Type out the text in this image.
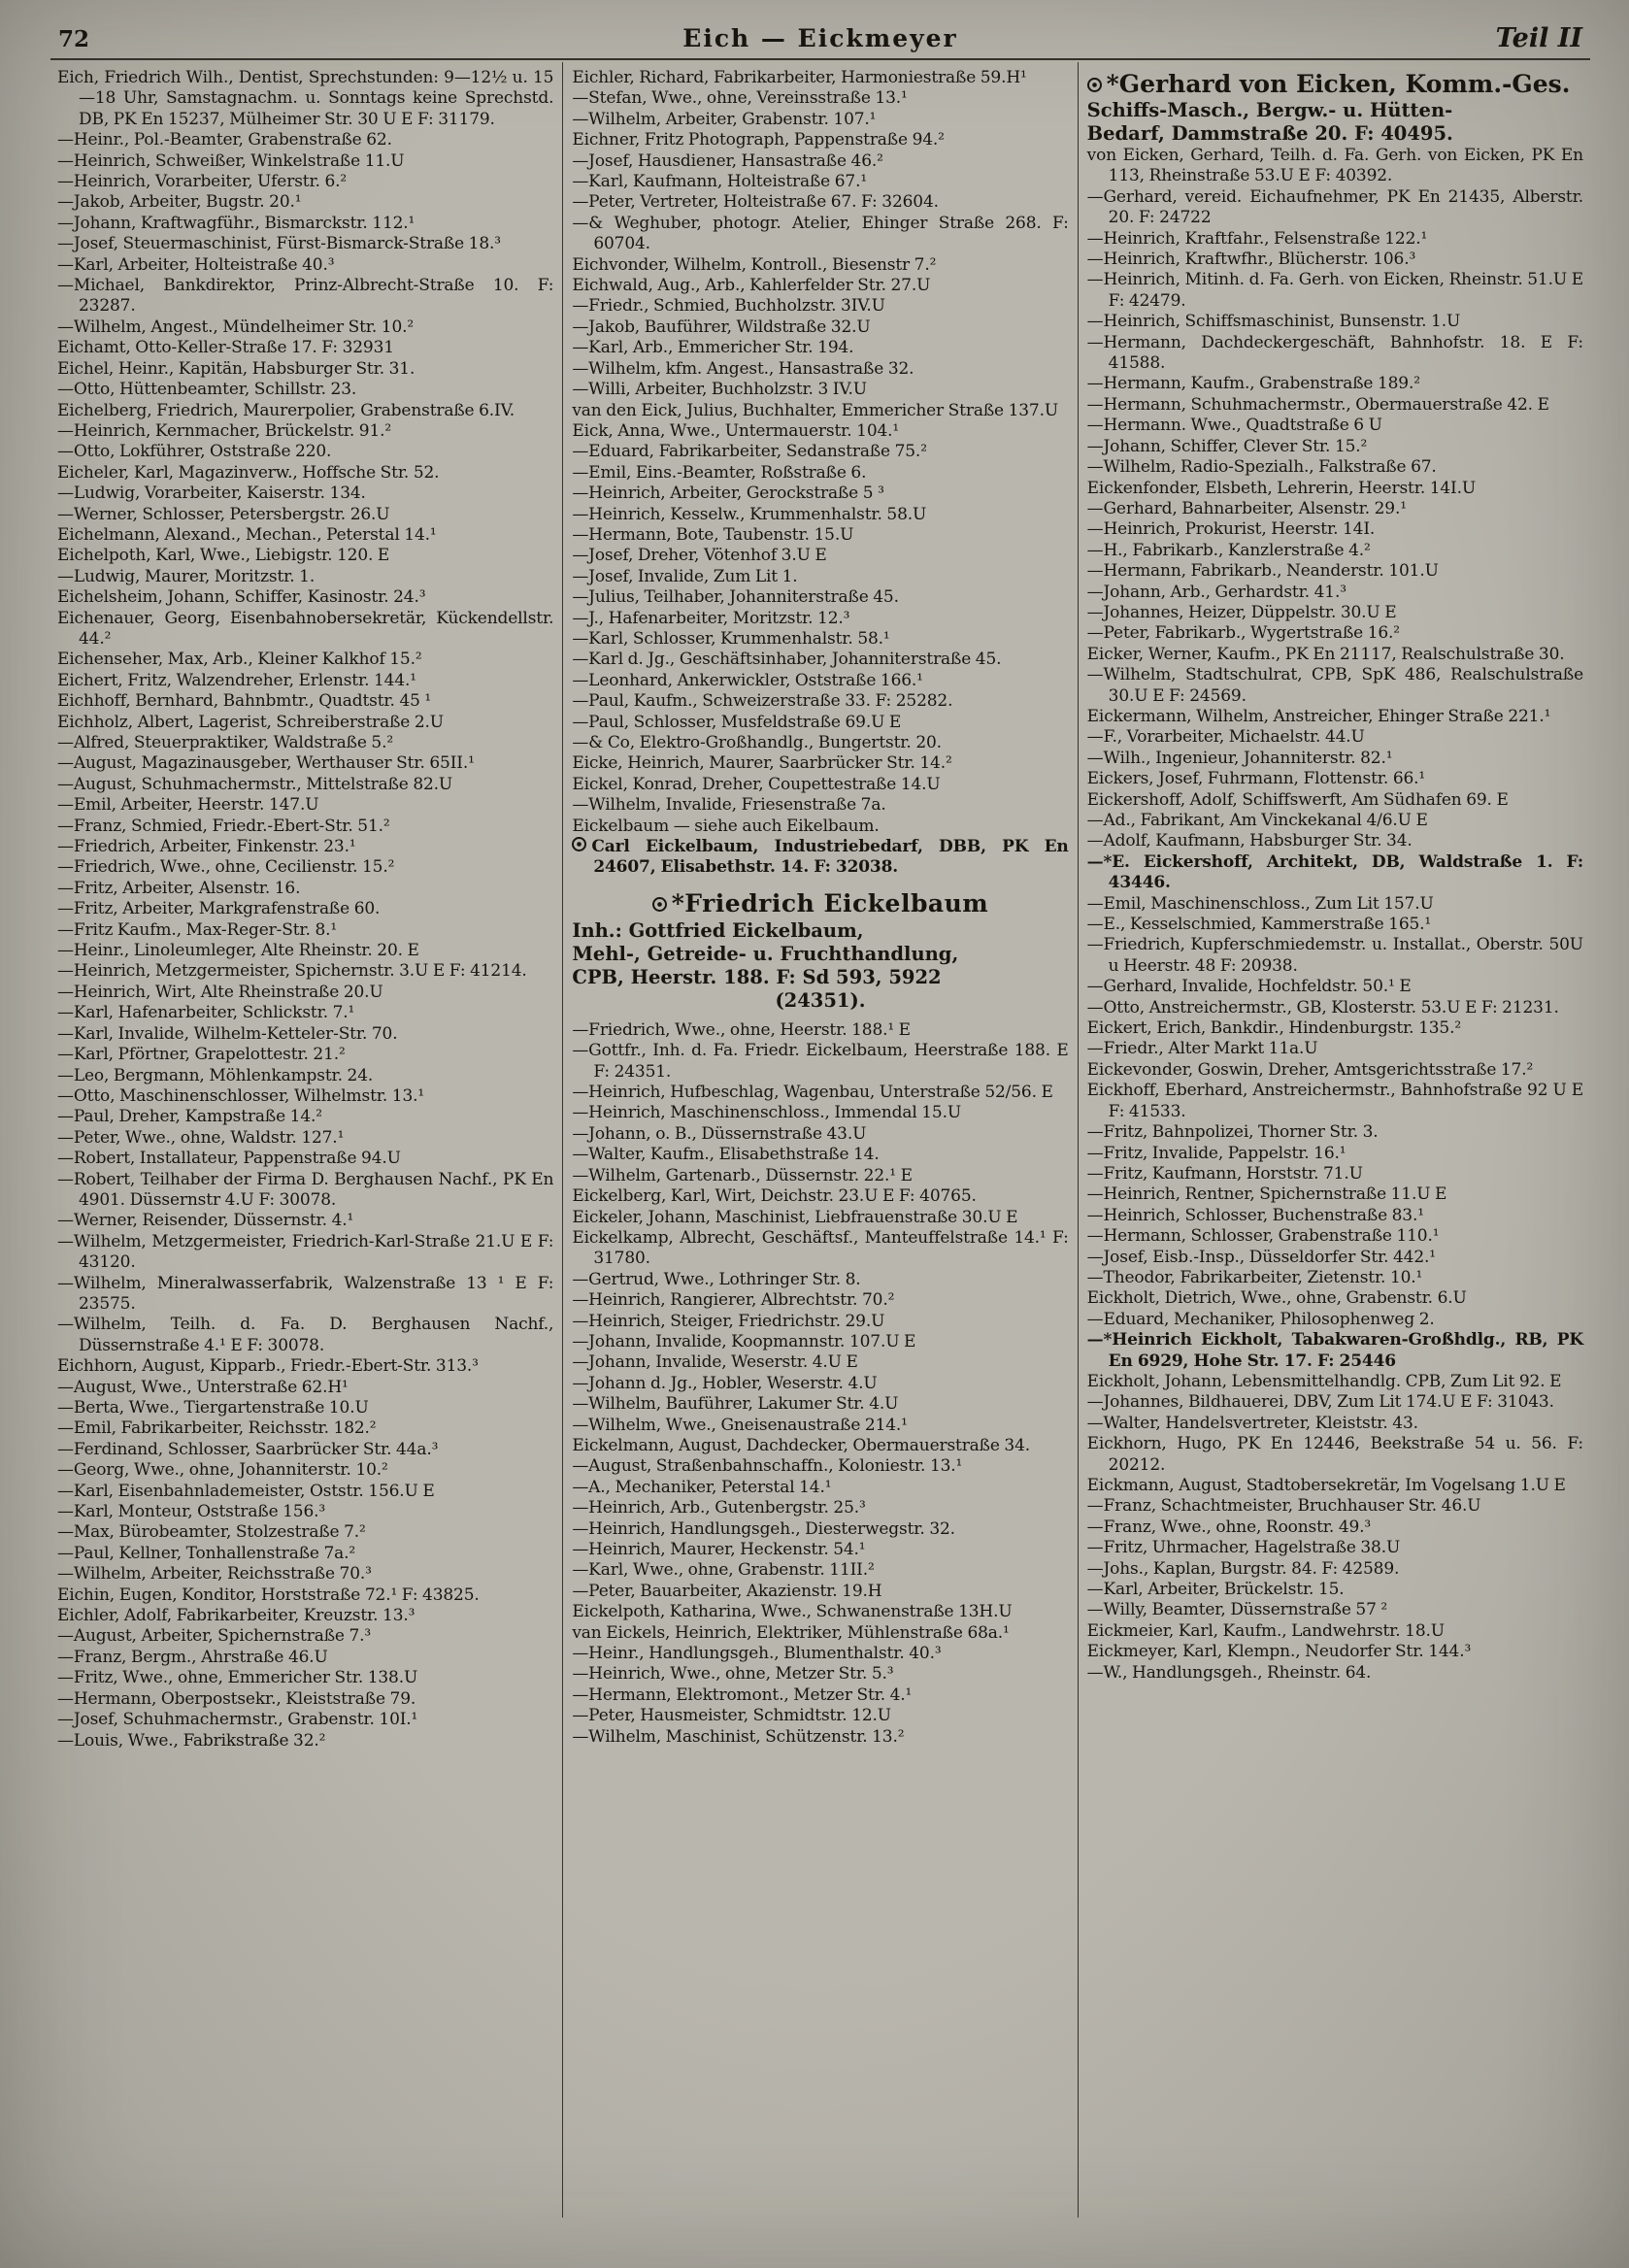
72	Eich — Eickmeyer	Teil II
Eich, Friedrich Wilh., Dentist, Sprechstunden: 9—12½ u. 15—18 Uhr, Samstagnachm. u. Sonntags keine Sprechstd. DB, PK En 15237, Mülheimer Str. 30 U E F: 31179.
—Heinr., Pol.-Beamter, Grabenstraße 62.
—Heinrich, Schweißer, Winkelstraße 11.U
—Heinrich, Vorarbeiter, Uferstr. 6.²
—Jakob, Arbeiter, Bugstr. 20.¹
—Johann, Kraftwagführ., Bismarckstr. 112.¹
—Josef, Steuermaschinist, Fürst-Bismarck-Straße 18.³
—Karl, Arbeiter, Holteistraße 40.³
—Michael, Bankdirektor, Prinz-Albrecht-Straße 10. F: 23287.
—Wilhelm, Angest., Mündelheimer Str. 10.²
Eichamt, Otto-Keller-Straße 17. F: 32931
Eichel, Heinr., Kapitän, Habsburger Str. 31.
—Otto, Hüttenbeamter, Schillstr. 23.
Eichelberg, Friedrich, Maurerpolier, Grabenstraße 6.IV.
—Heinrich, Kernmacher, Brückelstr. 91.²
—Otto, Lokführer, Oststraße 220.
Eicheler, Karl, Magazinverw., Hoffsche Str. 52.
—Ludwig, Vorarbeiter, Kaiserstr. 134.
—Werner, Schlosser, Petersbergstr. 26.U
Eichelmann, Alexand., Mechan., Peterstal 14.¹
Eichelpoth, Karl, Wwe., Liebigstr. 120. E
—Ludwig, Maurer, Moritzstr. 1.
Eichelsheim, Johann, Schiffer, Kasinostr. 24.³
Eichenauer, Georg, Eisenbahnobersekretär, Kückendellstr. 44.²
Eichenseher, Max, Arb., Kleiner Kalkhof 15.²
Eichert, Fritz, Walzendreher, Erlenstr. 144.¹
Eichhoff, Bernhard, Bahnbmtr., Quadtstr. 45 ¹
Eichholz, Albert, Lagerist, Schreiberstraße 2.U
—Alfred, Steuerpraktiker, Waldstraße 5.²
—August, Magazinausgeber, Werthauser Str. 65II.¹
—August, Schuhmachermstr., Mittelstraße 82.U
—Emil, Arbeiter, Heerstr. 147.U
—Franz, Schmied, Friedr.-Ebert-Str. 51.²
—Friedrich, Arbeiter, Finkenstr. 23.¹
—Friedrich, Wwe., ohne, Cecilienstr. 15.²
—Fritz, Arbeiter, Alsenstr. 16.
—Fritz, Arbeiter, Markgrafenstraße 60.
—Fritz Kaufm., Max-Reger-Str. 8.¹
—Heinr., Linoleumleger, Alte Rheinstr. 20. E
—Heinrich, Metzgermeister, Spichernstr. 3.U E F: 41214.
—Heinrich, Wirt, Alte Rheinstraße 20.U
—Karl, Hafenarbeiter, Schlickstr. 7.¹
—Karl, Invalide, Wilhelm-Ketteler-Str. 70.
—Karl, Pförtner, Grapelottestr. 21.²
—Leo, Bergmann, Möhlenkampstr. 24.
—Otto, Maschinenschlosser, Wilhelmstr. 13.¹
—Paul, Dreher, Kampstraße 14.²
—Peter, Wwe., ohne, Waldstr. 127.¹
—Robert, Installateur, Pappenstraße 94.U
—Robert, Teilhaber der Firma D. Berghausen Nachf., PK En 4901. Düssernstr 4.U F: 30078.
—Werner, Reisender, Düssernstr. 4.¹
—Wilhelm, Metzgermeister, Friedrich-Karl-Straße 21.U E F: 43120.
—Wilhelm, Mineralwasserfabrik, Walzenstraße 13 ¹ E F: 23575.
—Wilhelm, Teilh. d. Fa. D. Berghausen Nachf., Düssernstraße 4.¹ E F: 30078.
Eichhorn, August, Kipparb., Friedr.-Ebert-Str. 313.³
—August, Wwe., Unterstraße 62.H¹
—Berta, Wwe., Tiergartenstraße 10.U
—Emil, Fabrikarbeiter, Reichsstr. 182.²
—Ferdinand, Schlosser, Saarbrücker Str. 44a.³
—Georg, Wwe., ohne, Johanniterstr. 10.²
—Karl, Eisenbahnlademeister, Oststr. 156.U E
—Karl, Monteur, Oststraße 156.³
—Max, Bürobeamter, Stolzestraße 7.²
—Paul, Kellner, Tonhallenstraße 7a.²
—Wilhelm, Arbeiter, Reichsstraße 70.³
Eichin, Eugen, Konditor, Horststraße 72.¹ F: 43825.
Eichler, Adolf, Fabrikarbeiter, Kreuzstr. 13.³
—August, Arbeiter, Spichernstraße 7.³
—Franz, Bergm., Ahrstraße 46.U
—Fritz, Wwe., ohne, Emmericher Str. 138.U
—Hermann, Oberpostsekr., Kleiststraße 79.
—Josef, Schuhmachermstr., Grabenstr. 10I.¹
—Louis, Wwe., Fabrikstraße 32.²
Eichler, Richard, Fabrikarbeiter, Harmoniestraße 59.H¹
—Stefan, Wwe., ohne, Vereinsstraße 13.¹
—Wilhelm, Arbeiter, Grabenstr. 107.¹
Eichner, Fritz Photograph, Pappenstraße 94.²
—Josef, Hausdiener, Hansastraße 46.²
—Karl, Kaufmann, Holteistraße 67.¹
—Peter, Vertreter, Holteistraße 67. F: 32604.
—& Weghuber, photogr. Atelier, Ehinger Straße 268. F: 60704.
Eichvonder, Wilhelm, Kontroll., Biesenstr 7.²
Eichwald, Aug., Arb., Kahlerfelder Str. 27.U
—Friedr., Schmied, Buchholzstr. 3IV.U
—Jakob, Bauführer, Wildstraße 32.U
—Karl, Arb., Emmericher Str. 194.
—Wilhelm, kfm. Angest., Hansastraße 32.
—Willi, Arbeiter, Buchholzstr. 3 IV.U
van den Eick, Julius, Buchhalter, Emmericher Straße 137.U
Eick, Anna, Wwe., Untermauerstr. 104.¹
—Eduard, Fabrikarbeiter, Sedanstraße 75.²
—Emil, Eins.-Beamter, Roßstraße 6.
—Heinrich, Arbeiter, Gerockstraße 5 ³
—Heinrich, Kesselw., Krummenhalstr. 58.U
—Hermann, Bote, Taubenstr. 15.U
—Josef, Dreher, Vötenhof 3.U E
—Josef, Invalide, Zum Lit 1.
—Julius, Teilhaber, Johanniterstraße 45.
—J., Hafenarbeiter, Moritzstr. 12.³
—Karl, Schlosser, Krummenhalstr. 58.¹
—Karl d. Jg., Geschäftsinhaber, Johanniterstraße 45.
—Leonhard, Ankerwickler, Oststraße 166.¹
—Paul, Kaufm., Schweizerstraße 33. F: 25282.
—Paul, Schlosser, Musfeldstraße 69.U E
—& Co, Elektro-Großhandlg., Bungertstr. 20.
Eicke, Heinrich, Maurer, Saarbrücker Str. 14.²
Eickel, Konrad, Dreher, Coupettestraße 14.U
—Wilhelm, Invalide, Friesenstraße 7a.
Eickelbaum — siehe auch Eikelbaum.
Carl Eickelbaum, Industriebedarf, DBB, PK En 24607, Elisabethstr. 14. F: 32038.
*Friedrich Eickelbaum
Inh.: Gottfried Eickelbaum,
Mehl-, Getreide- u. Fruchthandlung,
CPB, Heerstr. 188. F: Sd 593, 5922
(24351).
—Friedrich, Wwe., ohne, Heerstr. 188.¹ E
—Gottfr., Inh. d. Fa. Friedr. Eickelbaum, Heerstraße 188. E F: 24351.
—Heinrich, Hufbeschlag, Wagenbau, Unterstraße 52/56. E
—Heinrich, Maschinenschloss., Immendal 15.U
—Johann, o. B., Düssernstraße 43.U
—Walter, Kaufm., Elisabethstraße 14.
—Wilhelm, Gartenarb., Düssernstr. 22.¹ E
Eickelberg, Karl, Wirt, Deichstr. 23.U E F: 40765.
Eickeler, Johann, Maschinist, Liebfrauenstraße 30.U E
Eickelkamp, Albrecht, Geschäftsf., Manteuffelstraße 14.¹ F: 31780.
—Gertrud, Wwe., Lothringer Str. 8.
—Heinrich, Rangierer, Albrechtstr. 70.²
—Heinrich, Steiger, Friedrichstr. 29.U
—Johann, Invalide, Koopmannstr. 107.U E
—Johann, Invalide, Weserstr. 4.U E
—Johann d. Jg., Hobler, Weserstr. 4.U
—Wilhelm, Bauführer, Lakumer Str. 4.U
—Wilhelm, Wwe., Gneisenaustraße 214.¹
Eickelmann, August, Dachdecker, Obermauerstraße 34.
—August, Straßenbahnschaffn., Koloniestr. 13.¹
—A., Mechaniker, Peterstal 14.¹
—Heinrich, Arb., Gutenbergstr. 25.³
—Heinrich, Handlungsgeh., Diesterwegstr. 32.
—Heinrich, Maurer, Heckenstr. 54.¹
—Karl, Wwe., ohne, Grabenstr. 11II.²
—Peter, Bauarbeiter, Akazienstr. 19.H
Eickelpoth, Katharina, Wwe., Schwanenstraße 13H.U
van Eickels, Heinrich, Elektriker, Mühlenstraße 68a.¹
—Heinr., Handlungsgeh., Blumenthalstr. 40.³
—Heinrich, Wwe., ohne, Metzer Str. 5.³
—Hermann, Elektromont., Metzer Str. 4.¹
—Peter, Hausmeister, Schmidtstr. 12.U
—Wilhelm, Maschinist, Schützenstr. 13.²
*Gerhard von Eicken, Komm.-Ges.
Schiffs-Masch., Bergw.- u. Hütten-
Bedarf, Dammstraße 20. F: 40495.
von Eicken, Gerhard, Teilh. d. Fa. Gerh. von Eicken, PK En 113, Rheinstraße 53.U E F: 40392.
—Gerhard, vereid. Eichaufnehmer, PK En 21435, Alberstr. 20. F: 24722
—Heinrich, Kraftfahr., Felsenstraße 122.¹
—Heinrich, Kraftwfhr., Blücherstr. 106.³
—Heinrich, Mitinh. d. Fa. Gerh. von Eicken, Rheinstr. 51.U E F: 42479.
—Heinrich, Schiffsmaschinist, Bunsenstr. 1.U
—Hermann, Dachdeckergeschäft, Bahnhofstr. 18. E F: 41588.
—Hermann, Kaufm., Grabenstraße 189.²
—Hermann, Schuhmachermstr., Obermauerstraße 42. E
—Hermann. Wwe., Quadtstraße 6 U
—Johann, Schiffer, Clever Str. 15.²
—Wilhelm, Radio-Spezialh., Falkstraße 67.
Eickenfonder, Elsbeth, Lehrerin, Heerstr. 14I.U
—Gerhard, Bahnarbeiter, Alsenstr. 29.¹
—Heinrich, Prokurist, Heerstr. 14I.
—H., Fabrikarb., Kanzlerstraße 4.²
—Hermann, Fabrikarb., Neanderstr. 101.U
—Johann, Arb., Gerhardstr. 41.³
—Johannes, Heizer, Düppelstr. 30.U E
—Peter, Fabrikarb., Wygertstraße 16.²
Eicker, Werner, Kaufm., PK En 21117, Realschulstraße 30.
—Wilhelm, Stadtschulrat, CPB, SpK 486, Realschulstraße 30.U E F: 24569.
Eickermann, Wilhelm, Anstreicher, Ehinger Straße 221.¹
—F., Vorarbeiter, Michaelstr. 44.U
—Wilh., Ingenieur, Johanniterstr. 82.¹
Eickers, Josef, Fuhrmann, Flottenstr. 66.¹
Eickershoff, Adolf, Schiffswerft, Am Südhafen 69. E
—Ad., Fabrikant, Am Vinckekanal 4/6.U E
—Adolf, Kaufmann, Habsburger Str. 34.
—*E. Eickershoff, Architekt, DB, Waldstraße 1. F: 43446.
—Emil, Maschinenschloss., Zum Lit 157.U
—E., Kesselschmied, Kammerstraße 165.¹
—Friedrich, Kupferschmiedemstr. u. Installat., Oberstr. 50U u Heerstr. 48 F: 20938.
—Gerhard, Invalide, Hochfeldstr. 50.¹ E
—Otto, Anstreichermstr., GB, Klosterstr. 53.U E F: 21231.
Eickert, Erich, Bankdir., Hindenburgstr. 135.²
—Friedr., Alter Markt 11a.U
Eickevonder, Goswin, Dreher, Amtsgerichtsstraße 17.²
Eickhoff, Eberhard, Anstreichermstr., Bahnhofstraße 92 U E F: 41533.
—Fritz, Bahnpolizei, Thorner Str. 3.
—Fritz, Invalide, Pappelstr. 16.¹
—Fritz, Kaufmann, Horststr. 71.U
—Heinrich, Rentner, Spichernstraße 11.U E
—Heinrich, Schlosser, Buchenstraße 83.¹
—Hermann, Schlosser, Grabenstraße 110.¹
—Josef, Eisb.-Insp., Düsseldorfer Str. 442.¹
—Theodor, Fabrikarbeiter, Zietenstr. 10.¹
Eickholt, Dietrich, Wwe., ohne, Grabenstr. 6.U
—Eduard, Mechaniker, Philosophenweg 2.
—*Heinrich Eickholt, Tabakwaren-Großhdlg., RB, PK En 6929, Hohe Str. 17. F: 25446
Eickholt, Johann, Lebensmittelhandlg. CPB, Zum Lit 92. E
—Johannes, Bildhauerei, DBV, Zum Lit 174.U E F: 31043.
—Walter, Handelsvertreter, Kleiststr. 43.
Eickhorn, Hugo, PK En 12446, Beekstraße 54 u. 56. F: 20212.
Eickmann, August, Stadtobersekretär, Im Vogelsang 1.U E
—Franz, Schachtmeister, Bruchhauser Str. 46.U
—Franz, Wwe., ohne, Roonstr. 49.³
—Fritz, Uhrmacher, Hagelstraße 38.U
—Johs., Kaplan, Burgstr. 84. F: 42589.
—Karl, Arbeiter, Brückelstr. 15.
—Willy, Beamter, Düssernstraße 57 ²
Eickmeier, Karl, Kaufm., Landwehrstr. 18.U
Eickmeyer, Karl, Klempn., Neudorfer Str. 144.³
—W., Handlungsgeh., Rheinstr. 64.
